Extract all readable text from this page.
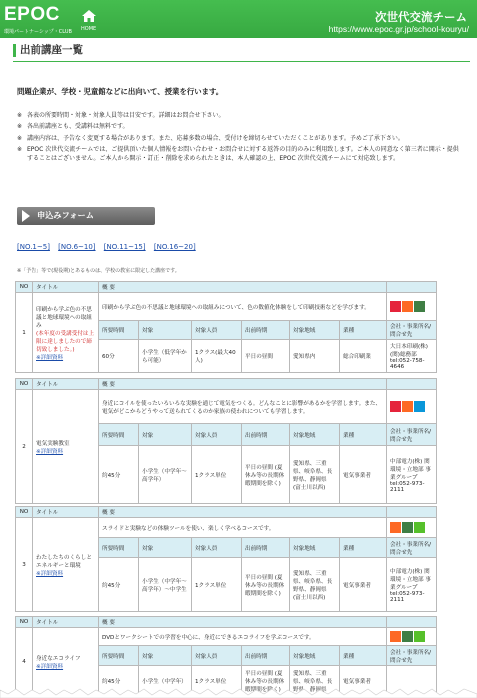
EPOC
環境パートナーシップ・CLUB HOME
次世代交流チーム
https://www.epoc.gr.jp/school-kouryu/
出前講座一覧
問題企業が、学校・児童館などに出向いて、授業を行います。
※ 各表の所要時間・対象・対象人員等は目安です。詳細はお問合せ下さい。
※ 各出前講座とも、受講料は無料です。
※ 講座内容は、予告なく変更する場合があります。また、応募多数の場合、受付けを締切らせていただくことがあります。予めご了承下さい。
※ EPOC 次世代交流チームでは、ご提供頂いた個人情報をお問い合わせ・お問合せに対する返答の目的のみに利用致します。ご本人の同意なく第三者に開示・提供することはございません。ご本人から開示・訂正・削除を求められたときは、本人確認の上、EPOC 次世代交流チームにて対応致します。
申込みフォーム
[NO.1~5] [NO.6~10] [NO.11~15] [NO.16~20]
※「予告」等で(現役期)とあるものは、学校の教室に限定した講座です。
NO	タイトル	概 要						
1	印刷から学ぶ色の不思議と地球環境への取組み
(本年度の受講受付は上限に達しましたので締切致しました。)
※詳細資料	印刷から学ぶ色の不思議と地球環境への取組みについて、色の数値化体験をして印刷技術などを学びます。						

		所要時間	対象	対象人員	出前時期	対象地域	業種	会社・事業所名/問合せ先
		60分	小学生（低学年から可能）	1クラス(最大40人)	平日の昼間	愛知県内	総合印刷業	大日本印刷(株)(関)総務部 tel:052-758-4646
NO	タイトル	概 要						
2	電気実験教室
※詳細資料	身近にコイルを使ったいろいろな実験を通じて電気をつくる。どんなことに影響があるかを学習します。また、電気がどこからどうやって送られてくるのか家族の使われについても学習します。						

		所要時間	対象	対象人員	出前時期	対象地域	業種	会社・事業所名/問合せ先
		約45分	小学生（中学年～高学年）	1クラス単位	平日の昼間 (夏休み等の長期休暇期間を除く)	愛知県、三重県、岐阜県、長野県、静岡県 (富士川以西)	電気事業者	中部電力(株) 関環境・立地部 事業グループ tel:052-973-2111
NO	タイトル	概 要						
3	わたしたちのくらしとエネルギーと環境
※詳細資料	スライドと実験などの体験ツールを使い、楽しく学べるコースです。						

		所要時間	対象	対象人員	出前時期	対象地域	業種	会社・事業所名/問合せ先
		約45分	小学生（中学年～高学年）～中学生	1クラス単位	平日の昼間 (夏休み等の長期休暇期間を除く)	愛知県、三重県、岐阜県、長野県、静岡県 (富士川以西)	電気事業者	中部電力(株) 関環境・立地部 事業グループ tel:052-973-2111
NO	タイトル	概 要						
4	身近なエコライフ
※詳細資料	DVDとワークシートでの学習を中心に、身近にできるエコライフを学ぶコースです。						

		所要時間	対象	対象人員	出前時期	対象地域	業種	会社・事業所名/問合せ先
		約45分	小学生（中学年）	1クラス単位	平日の昼間 (夏休み等の長期休暇期間を除く)	愛知県、三重県、岐阜県、長野県、静岡県	電気事業者	
